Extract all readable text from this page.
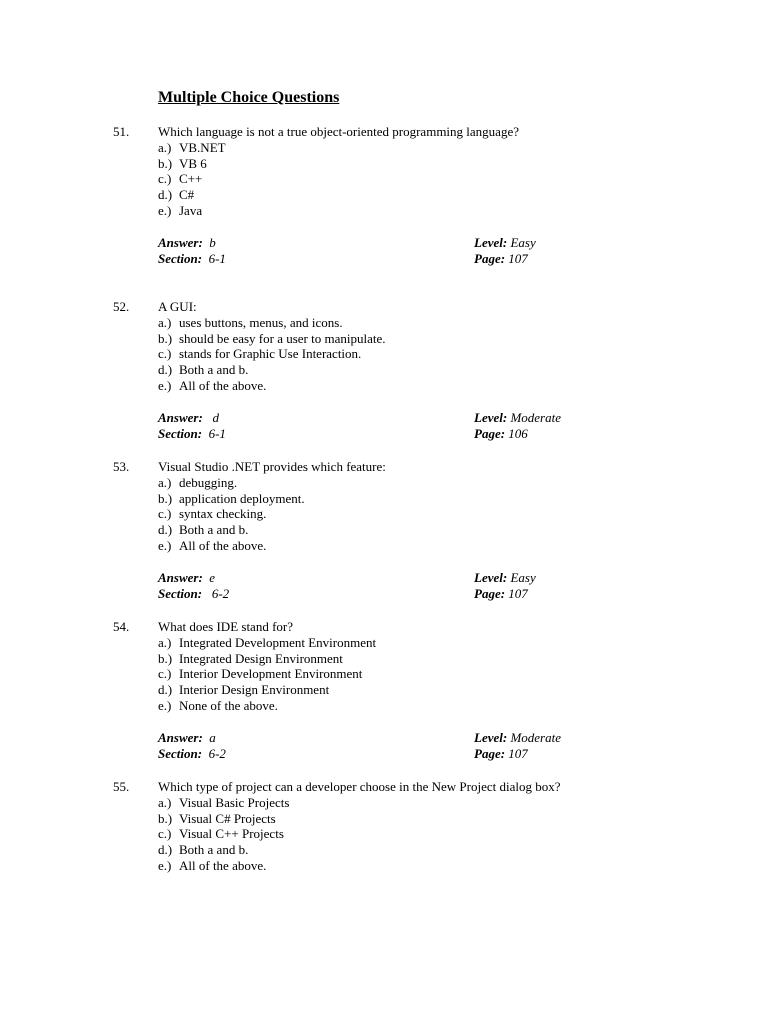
Multiple Choice Questions
51. Which language is not a true object-oriented programming language?
a.) VB.NET
b.) VB 6
c.) C++
d.) C#
e.) Java
Answer: b
Section: 6-1
Level: Easy
Page: 107
52. A GUI:
a.) uses buttons, menus, and icons.
b.) should be easy for a user to manipulate.
c.) stands for Graphic Use Interaction.
d.) Both a and b.
e.) All of the above.
Answer: d
Section: 6-1
Level: Moderate
Page: 106
53. Visual Studio .NET provides which feature:
a.) debugging.
b.) application deployment.
c.) syntax checking.
d.) Both a and b.
e.) All of the above.
Answer: e
Section: 6-2
Level: Easy
Page: 107
54. What does IDE stand for?
a.) Integrated Development Environment
b.) Integrated Design Environment
c.) Interior Development Environment
d.) Interior Design Environment
e.) None of the above.
Answer: a
Section: 6-2
Level: Moderate
Page: 107
55. Which type of project can a developer choose in the New Project dialog box?
a.) Visual Basic Projects
b.) Visual C# Projects
c.) Visual C++ Projects
d.) Both a and b.
e.) All of the above.
